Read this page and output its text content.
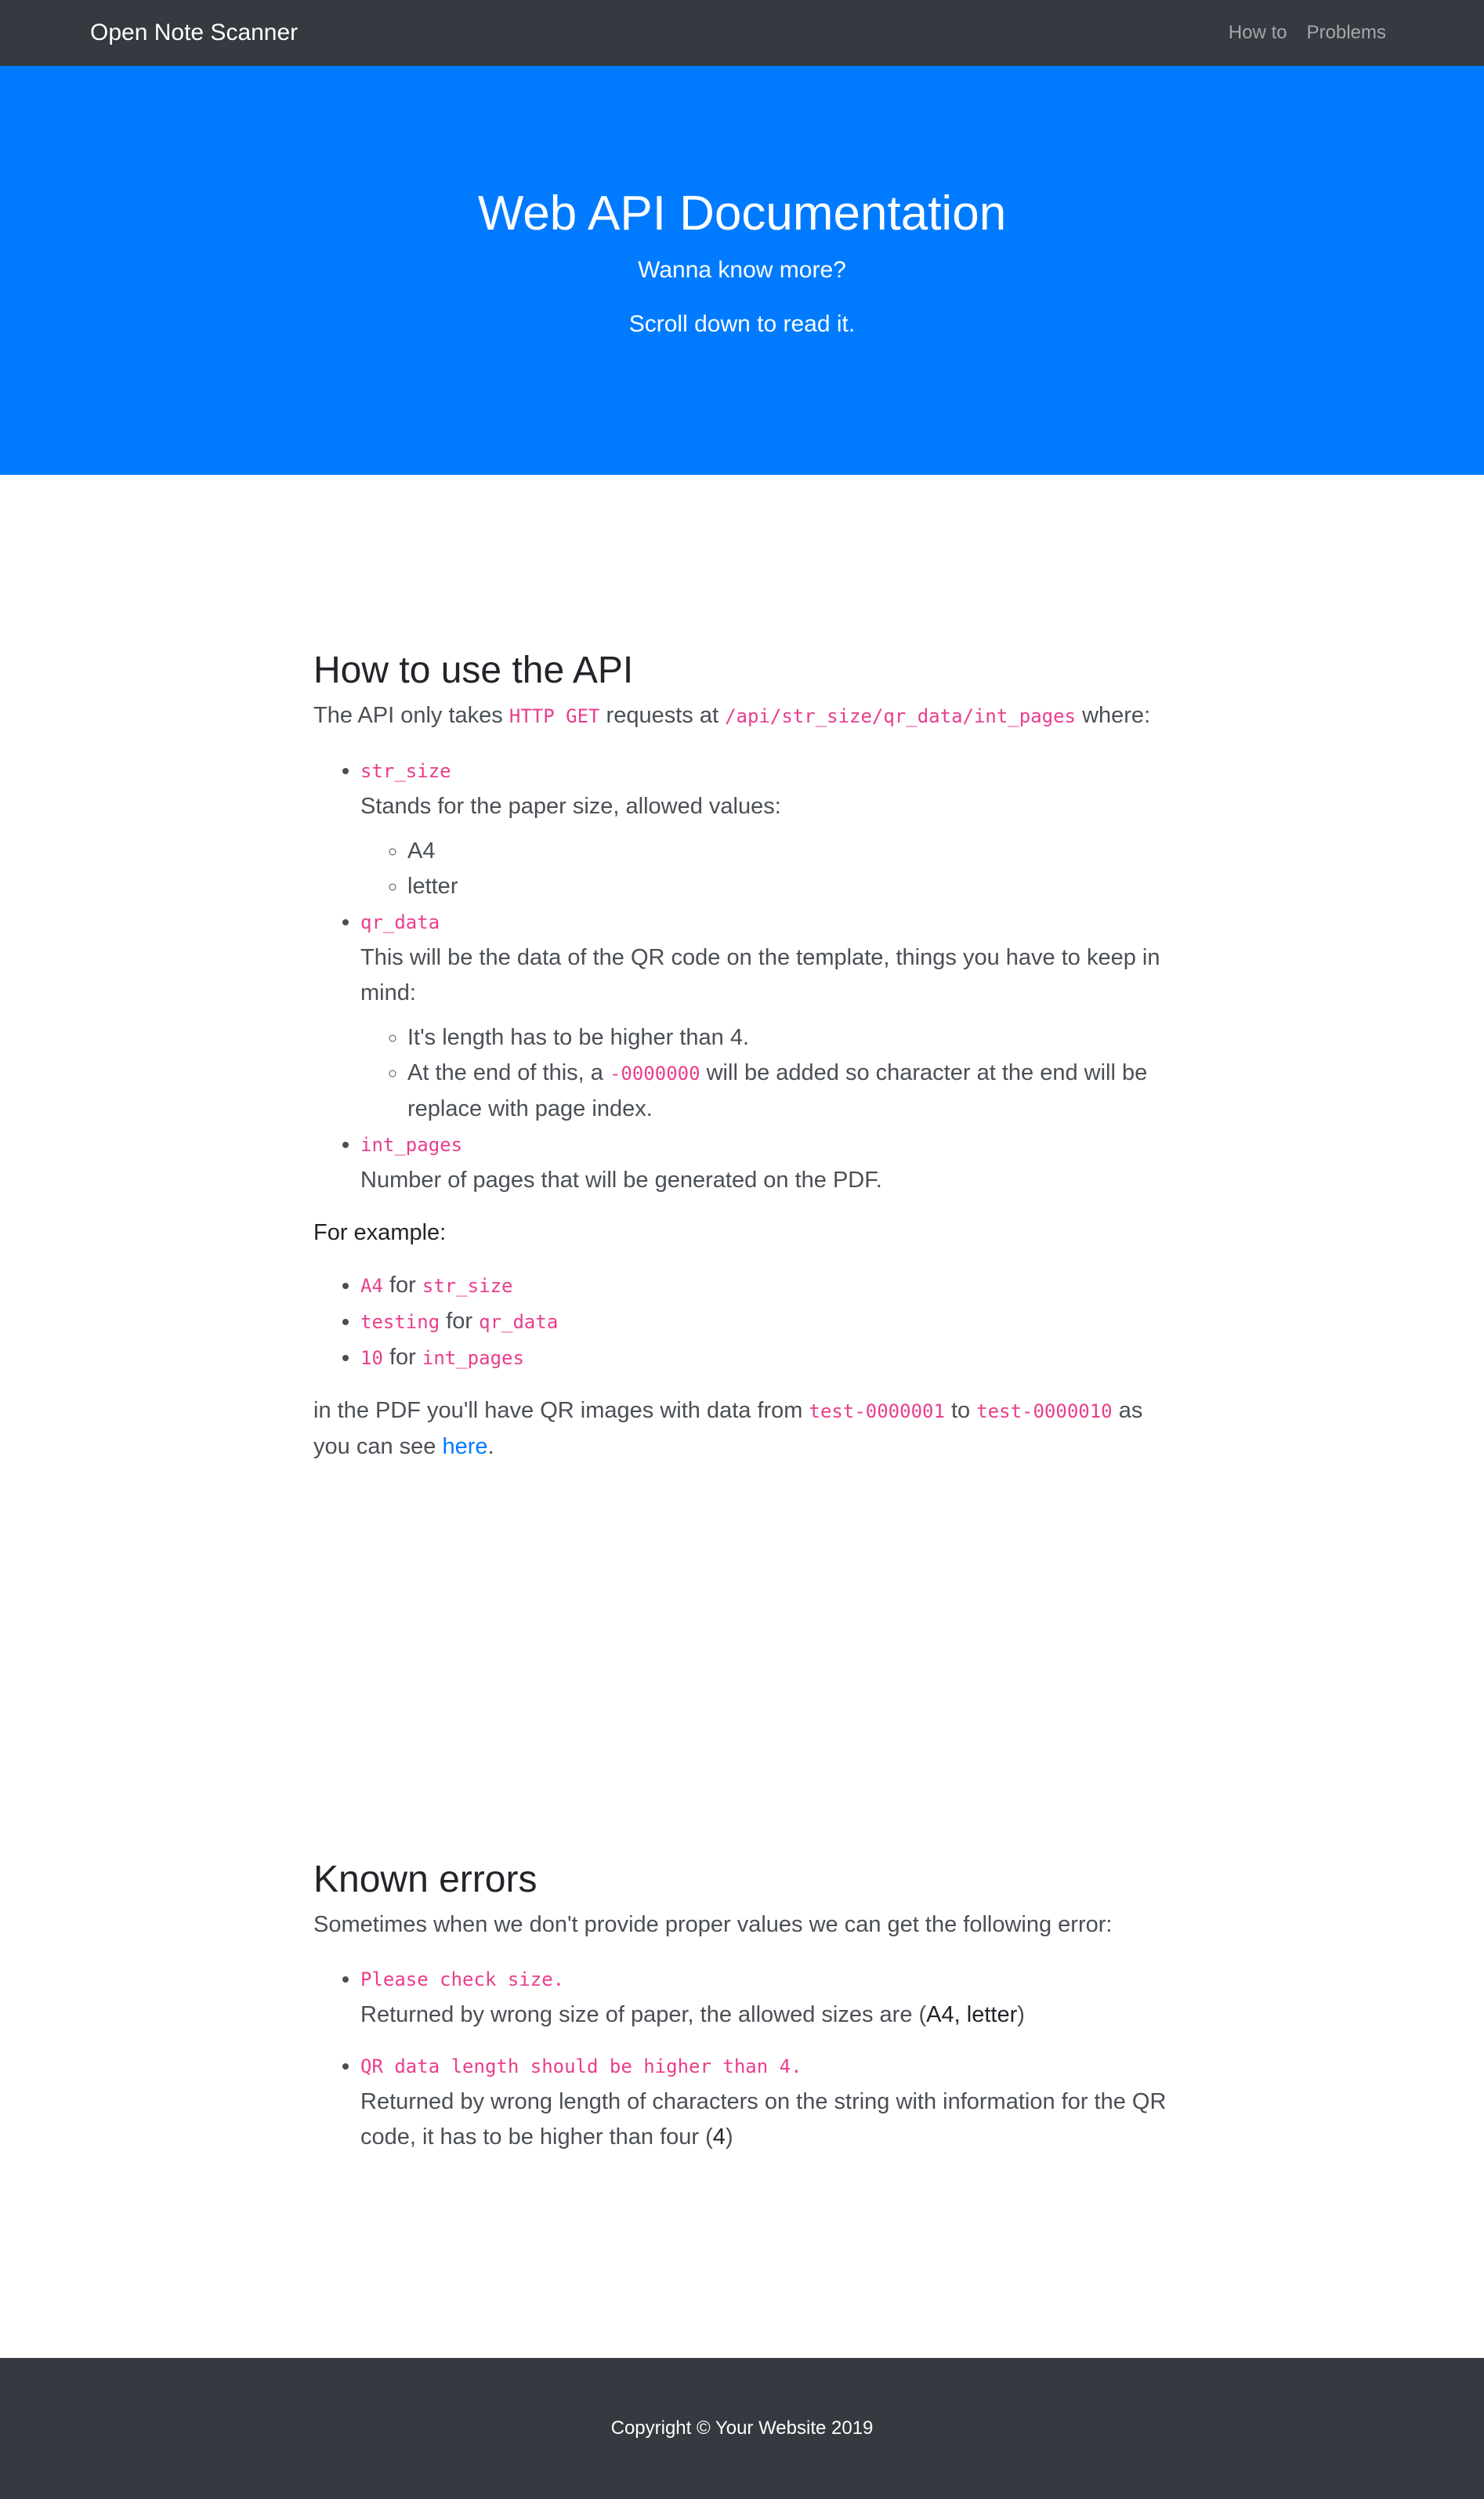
Open Note Scanner	How to Problems
Web API Documentation

Wanna know more?

Scroll down to read it.

How to use the API

The API only takes HTTP GET requests at /api/str_size/qr_data/int_pages where:

• str_size
Stands for the paper size, allowed values:
◦ A4
◦ letter
• qr_data
This will be the data of the QR code on the template, things you have to keep in mind:
◦ It's length has to be higher than 4.
◦ At the end of this, a -0000000 will be added so character at the end will be replace with page index.
• int_pages
Number of pages that will be generated on the PDF.

For example:

• A4 for str_size
• testing for qr_data
• 10 for int_pages

in the PDF you'll have QR images with data from test-0000001 to test-0000010 as you can see here.

Known errors

Sometimes when we don't provide proper values we can get the following error:

• Please check size.
Returned by wrong size of paper, the allowed sizes are (A4, letter)
• QR data length should be higher than 4.
Returned by wrong length of characters on the string with information for the QR code, it has to be higher than four (4)

Copyright © Your Website 2019
